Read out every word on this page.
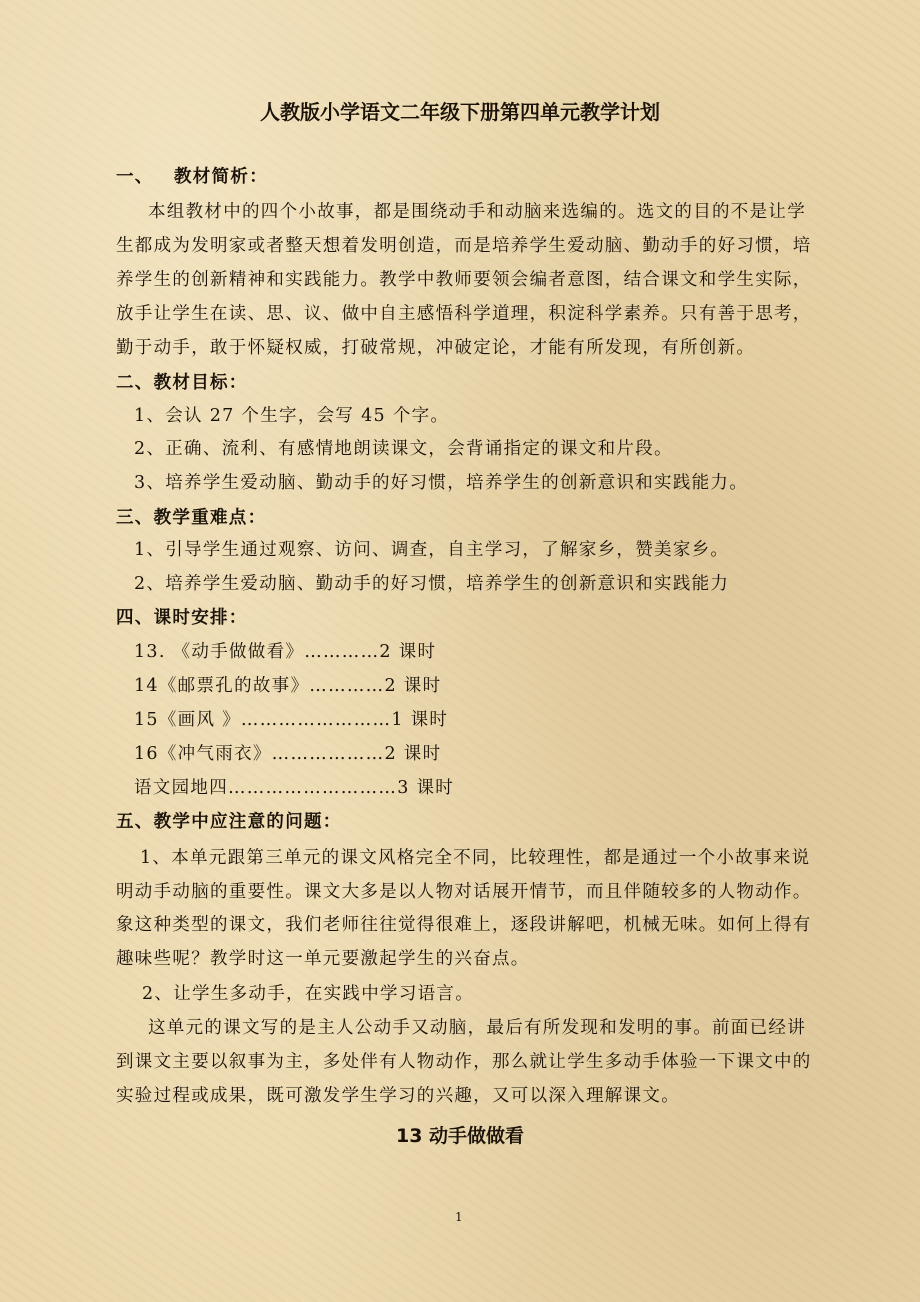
人教版小学语文二年级下册第四单元教学计划
一、 教材简析：
本组教材中的四个小故事，都是围绕动手和动脑来选编的。选文的目的不是让学
生都成为发明家或者整天想着发明创造，而是培养学生爱动脑、勤动手的好习惯，培
养学生的创新精神和实践能力。教学中教师要领会编者意图，结合课文和学生实际，
放手让学生在读、思、议、做中自主感悟科学道理，积淀科学素养。只有善于思考，
勤于动手，敢于怀疑权威，打破常规，冲破定论，才能有所发现，有所创新。
二、教材目标：
1、会认 27 个生字，会写 45 个字。
2、正确、流利、有感情地朗读课文，会背诵指定的课文和片段。
3、培养学生爱动脑、勤动手的好习惯，培养学生的创新意识和实践能力。
三、教学重难点：
1、引导学生通过观察、访问、调查，自主学习，了解家乡，赞美家乡。
2、培养学生爱动脑、勤动手的好习惯，培养学生的创新意识和实践能力
四、课时安排：
13. 《动手做做看》…………2 课时
14《邮票孔的故事》…………2 课时
15《画风 》……………………1 课时
16《冲气雨衣》………………2 课时
语文园地四………………………3 课时
五、教学中应注意的问题：
1、本单元跟第三单元的课文风格完全不同，比较理性，都是通过一个小故事来说
明动手动脑的重要性。课文大多是以人物对话展开情节，而且伴随较多的人物动作。
象这种类型的课文，我们老师往往觉得很难上，逐段讲解吧，机械无味。如何上得有
趣味些呢？教学时这一单元要激起学生的兴奋点。
2、让学生多动手，在实践中学习语言。
这单元的课文写的是主人公动手又动脑，最后有所发现和发明的事。前面已经讲
到课文主要以叙事为主，多处伴有人物动作，那么就让学生多动手体验一下课文中的
实验过程或成果，既可激发学生学习的兴趣，又可以深入理解课文。
13 动手做做看
1
